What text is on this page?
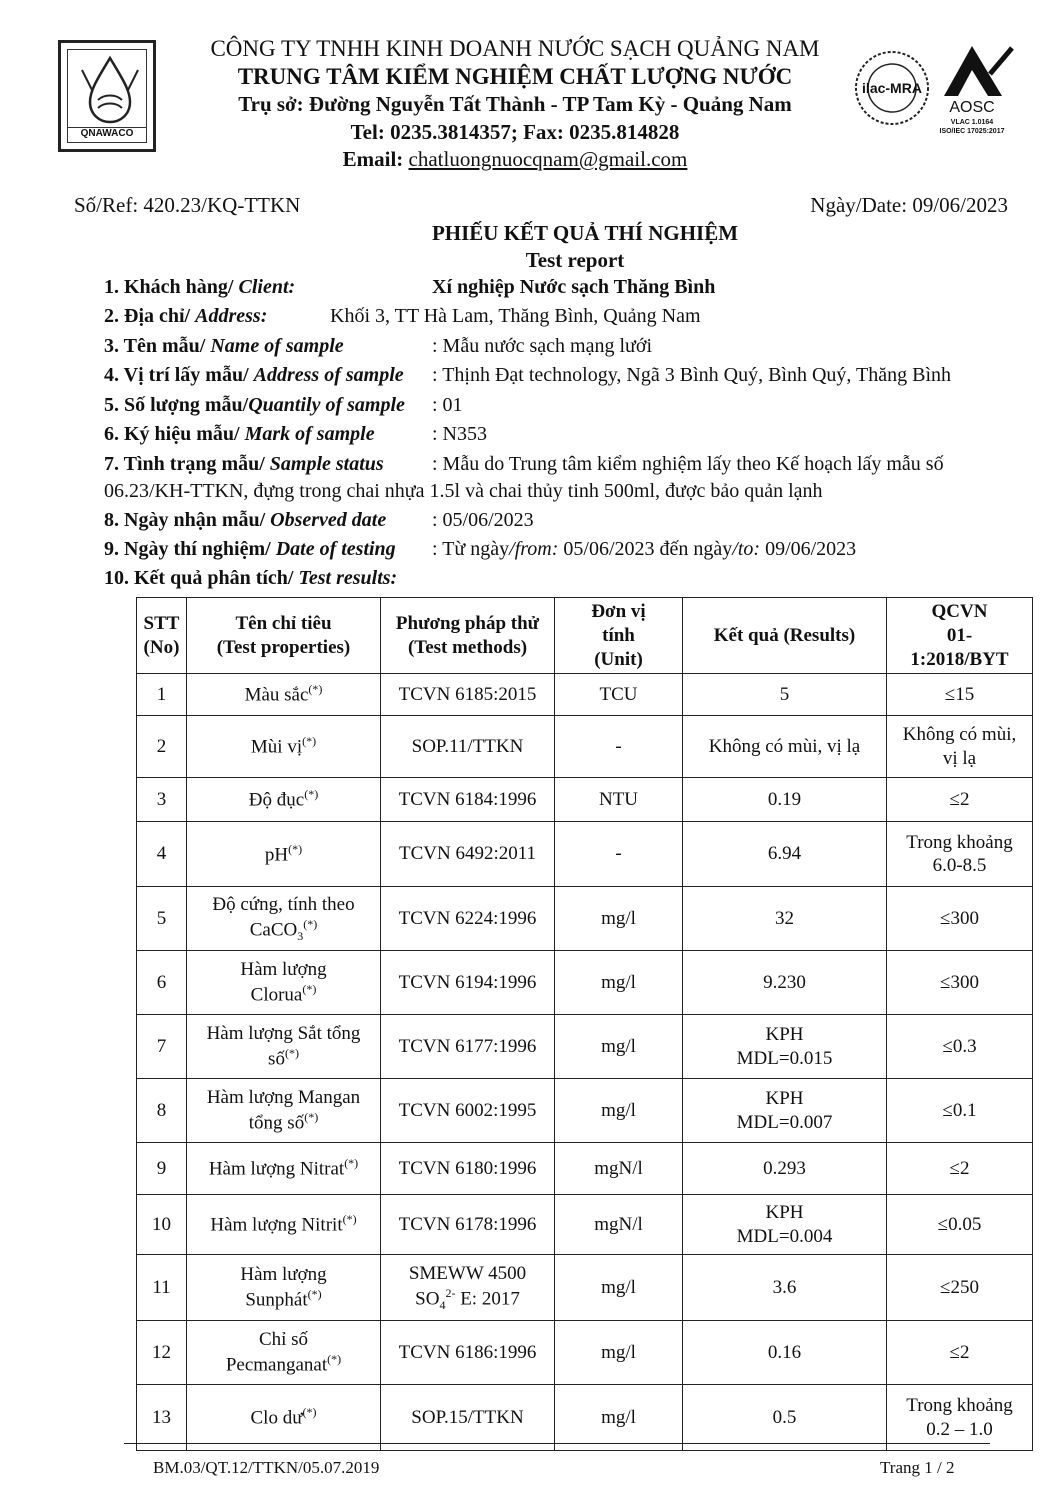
QNAWACO
CÔNG TY TNHH KINH DOANH NƯỚC SẠCH QUẢNG NAM
TRUNG TÂM KIỂM NGHIỆM CHẤT LƯỢNG NƯỚC
Trụ sở: Đường Nguyễn Tất Thành - TP Tam Kỳ - Quảng Nam
Tel: 0235.3814357; Fax: 0235.814828
Email: chatluongnuocqnam@gmail.com
ilac-MRA
AOSC
VLAC 1.0164
ISO/IEC 17025:2017
Số/Ref: 420.23/KQ-TTKN	Ngày/Date: 09/06/2023
PHIẾU KẾT QUẢ THÍ NGHIỆM
Test report
1. Khách hàng/ Client:	Xí nghiệp Nước sạch Thăng Bình
2. Địa chỉ/ Address:	Khối 3, TT Hà Lam, Thăng Bình, Quảng Nam
3. Tên mẫu/ Name of sample	: Mẫu nước sạch mạng lưới
4. Vị trí lấy mẫu/ Address of sample : Thịnh Đạt technology, Ngã 3 Bình Quý, Bình Quý, Thăng Bình
5. Số lượng mẫu/Quantily of sample : 01
6. Ký hiệu mẫu/ Mark of sample	: N353
7. Tình trạng mẫu/ Sample status : Mẫu do Trung tâm kiểm nghiệm lấy theo Kế hoạch lấy mẫu số
06.23/KH-TTKN, đựng trong chai nhựa 1.5l và chai thủy tinh 500ml, được bảo quản lạnh
8. Ngày nhận mẫu/ Observed date : 05/06/2023
9. Ngày thí nghiệm/ Date of testing : Từ ngày/from: 05/06/2023 đến ngày/to: 09/06/2023
10. Kết quả phân tích/ Test results:
STT
(No)	Tên chỉ tiêu
(Test properties)	Phương pháp thử
(Test methods)	Đơn vị
tính
(Unit)	Kết quả (Results)	QCVN
01-
1:2018/BYT
1	Màu sắc(*)	TCVN 6185:2015	TCU	5	≤15
2	Mùi vị(*)	SOP.11/TTKN	-	Không có mùi, vị lạ	Không có mùi,
vị lạ
3	Độ đục(*)	TCVN 6184:1996	NTU	0.19	≤2
4	pH(*)	TCVN 6492:2011	-	6.94	Trong khoảng
6.0-8.5
5	Độ cứng, tính theo
CaCO$_3$(*)	TCVN 6224:1996	mg/l	32	≤300
6	Hàm lượng
Clorua(*)	TCVN 6194:1996	mg/l	9.230	≤300
7	Hàm lượng Sắt tổng
số(*)	TCVN 6177:1996	mg/l	KPH
MDL=0.015	≤0.3
8	Hàm lượng Mangan
tổng số(*)	TCVN 6002:1995	mg/l	KPH
MDL=0.007	≤0.1
9	Hàm lượng Nitrat(*)	TCVN 6180:1996	mgN/l	0.293	≤2
10	Hàm lượng Nitrit(*)	TCVN 6178:1996	mgN/l	KPH
MDL=0.004	≤0.05
11	Hàm lượng
Sunphát(*)	SMEWW 4500
$SO_4^{2-}$ E: 2017	mg/l	3.6	≤250
12	Chỉ số
Pecmanganat(*)	TCVN 6186:1996	mg/l	0.16	≤2
13	Clo dư(*)	SOP.15/TTKN	mg/l	0.5	Trong khoảng
0.2 – 1.0
BM.03/QT.12/TTKN/05.07.2019	Trang 1 / 2
